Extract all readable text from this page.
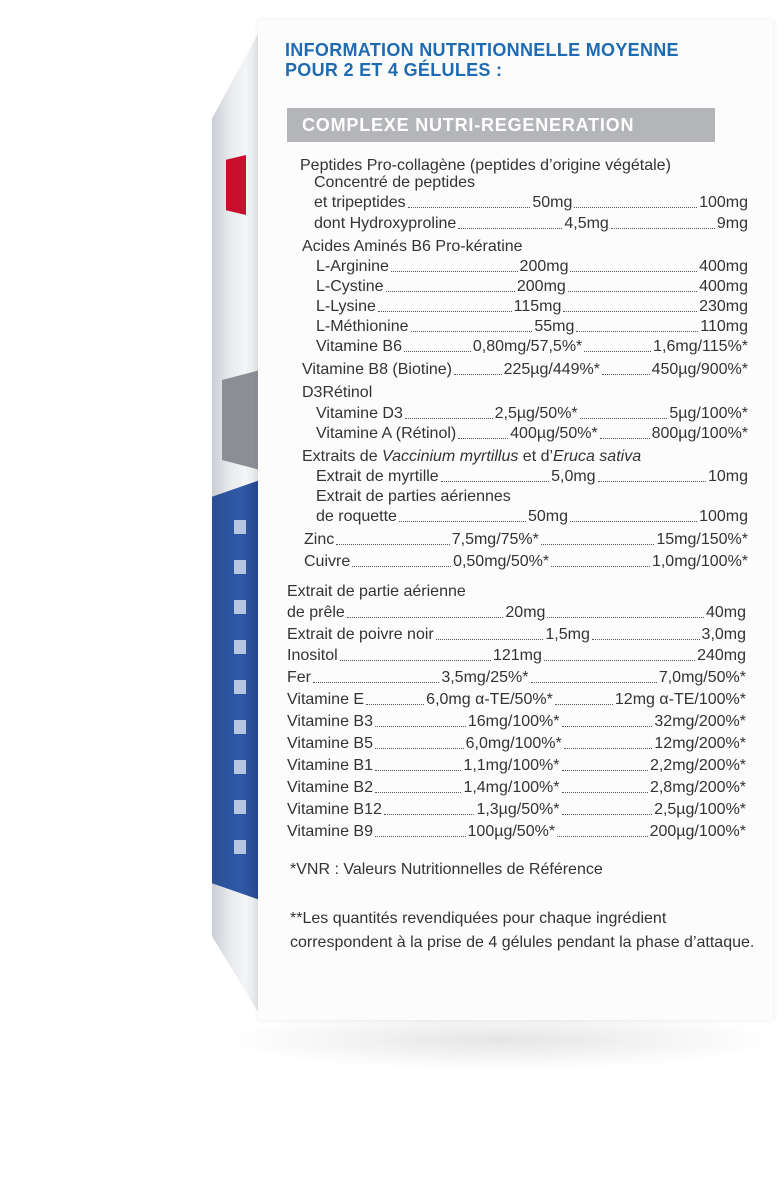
INFORMATION NUTRITIONNELLE MOYENNE
POUR 2 ET 4 GÉLULES :
COMPLEXE NUTRI-REGENERATION
Peptides Pro-collagène (peptides d’origine végétale)
Concentré de peptides
et tripeptides	50mg	100mg
dont Hydroxyproline	4,5mg	9mg
Acides Aminés B6 Pro-kératine
L-Arginine	200mg	400mg
L-Cystine	200mg	400mg
L-Lysine	115mg	230mg
L-Méthionine	55mg	110mg
Vitamine B6	0,80mg/57,5%*	1,6mg/115%*
Vitamine B8 (Biotine)	225µg/449%*	450µg/900%*
D3Rétinol
Vitamine D3	2,5µg/50%*	5µg/100%*
Vitamine A (Rétinol)	400µg/50%*	800µg/100%*
Extraits de Vaccinium myrtillus et d’Eruca sativa
Extrait de myrtille	5,0mg	10mg
Extrait de parties aériennes
de roquette	50mg	100mg
Zinc	7,5mg/75%*	15mg/150%*
Cuivre	0,50mg/50%*	1,0mg/100%*
Extrait de partie aérienne
de prêle	20mg	40mg
Extrait de poivre noir	1,5mg	3,0mg
Inositol	121mg	240mg
Fer	3,5mg/25%*	7,0mg/50%*
Vitamine E	6,0mg α-TE/50%*	12mg α-TE/100%*
Vitamine B3	16mg/100%*	32mg/200%*
Vitamine B5	6,0mg/100%*	12mg/200%*
Vitamine B1	1,1mg/100%*	2,2mg/200%*
Vitamine B2	1,4mg/100%*	2,8mg/200%*
Vitamine B12	1,3µg/50%*	2,5µg/100%*
Vitamine B9	100µg/50%*	200µg/100%*
*VNR : Valeurs Nutritionnelles de Référence
**Les quantités revendiquées pour chaque ingrédient correspondent à la prise de 4 gélules pendant la phase d’attaque.
